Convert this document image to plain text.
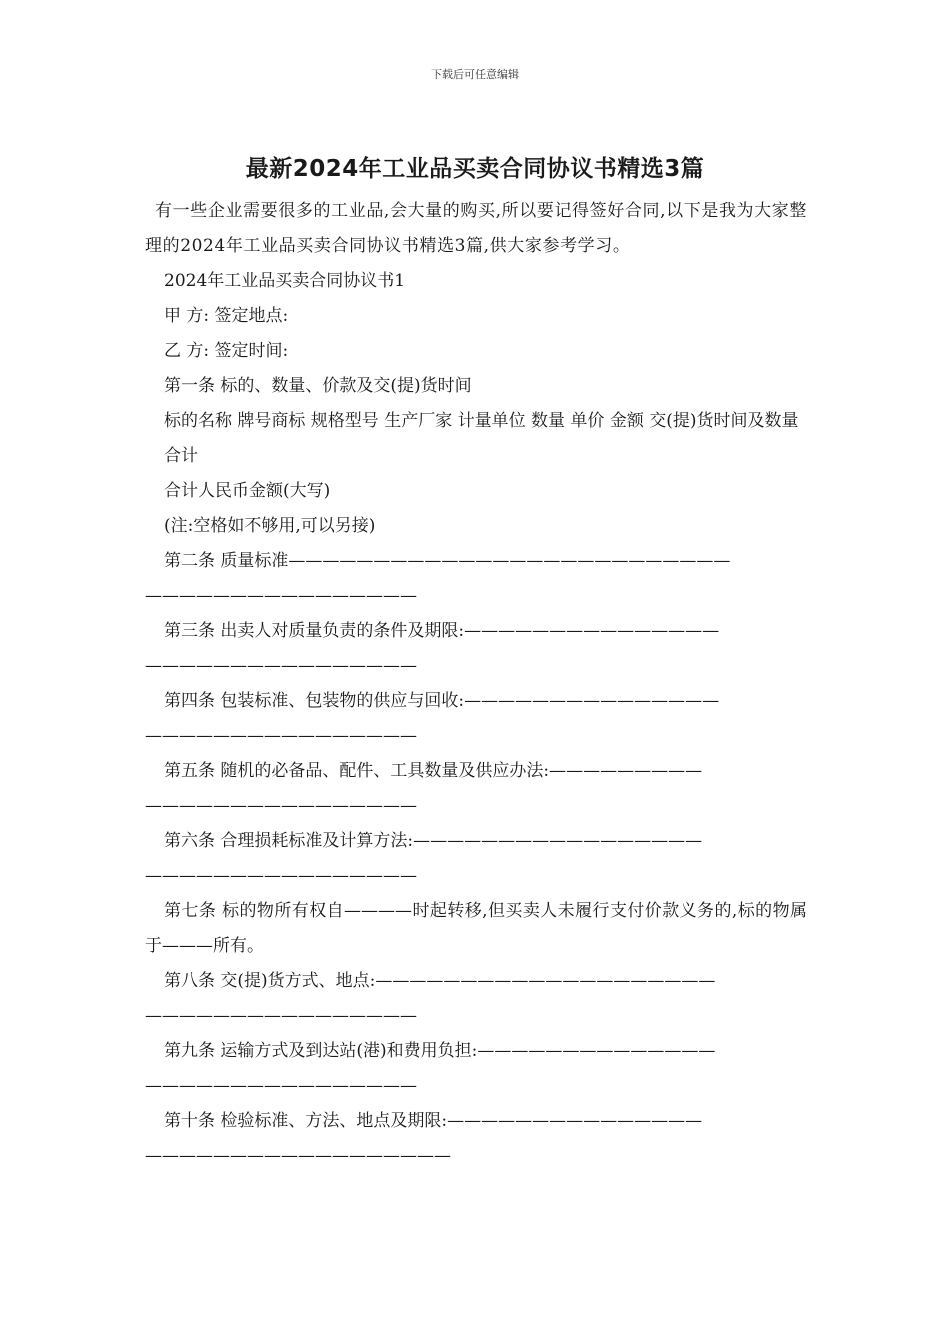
下载后可任意编辑
最新2024年工业品买卖合同协议书精选3篇

有一些企业需要很多的工业品,会大量的购买,所以要记得签好合同,以下是我为大家整理的2024年工业品买卖合同协议书精选3篇,供大家参考学习。

2024年工业品买卖合同协议书1

甲 方: 签定地点:

乙 方: 签定时间:

第一条 标的、数量、价款及交(提)货时间

标的名称 牌号商标 规格型号 生产厂家 计量单位 数量 单价 金额 交(提)货时间及数量

合计

合计人民币金额(大写)

(注:空格如不够用,可以另接)

第二条 质量标准——————————————————————————
————————————————

第三条 出卖人对质量负责的条件及期限:———————————————
————————————————

第四条 包装标准、包装物的供应与回收:———————————————
————————————————

第五条 随机的必备品、配件、工具数量及供应办法:—————————
————————————————

第六条 合理损耗标准及计算方法:—————————————————
————————————————

第七条 标的物所有权自————时起转移,但买卖人未履行支付价款义务的,标的物属于———所有。

第八条 交(提)货方式、地点:————————————————————
————————————————

第九条 运输方式及到达站(港)和费用负担:——————————————
————————————————

第十条 检验标准、方法、地点及期限:———————————————
——————————————————
